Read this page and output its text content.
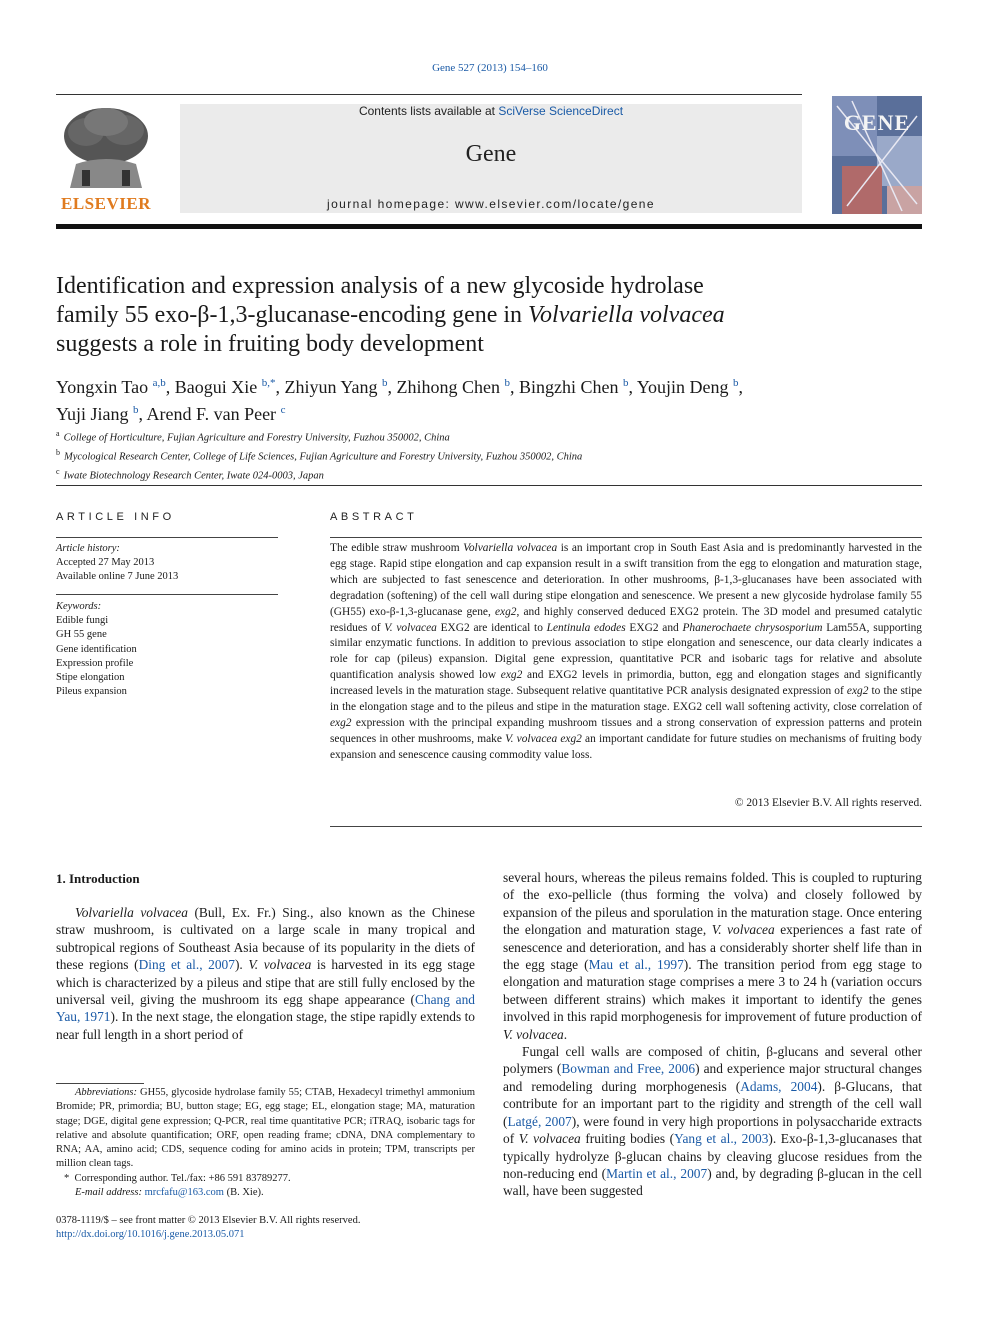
Gene 527 (2013) 154–160
ELSEVIER
Contents lists available at SciVerse ScienceDirect
Gene
journal homepage: www.elsevier.com/locate/gene
GENE
Identification and expression analysis of a new glycoside hydrolase
family 55 exo-β-1,3-glucanase-encoding gene in Volvariella volvacea
suggests a role in fruiting body development
Yongxin Tao $^{a,b}$, Baogui Xie $^{b,*}$, Zhiyun Yang $^b$, Zhihong Chen $^b$, Bingzhi Chen $^b$, Youjin Deng $^b$,
Yuji Jiang $^b$, Arend F. van Peer $^c$
$^a$ College of Horticulture, Fujian Agriculture and Forestry University, Fuzhou 350002, China
$^b$ Mycological Research Center, College of Life Sciences, Fujian Agriculture and Forestry University, Fuzhou 350002, China
$^c$ Iwate Biotechnology Research Center, Iwate 024-0003, Japan
ARTICLE INFO
Article history:
Accepted 27 May 2013
Available online 7 June 2013
Keywords:
Edible fungi
GH 55 gene
Gene identification
Expression profile
Stipe elongation
Pileus expansion
ABSTRACT
The edible straw mushroom Volvariella volvacea is an important crop in South East Asia and is predominantly harvested in the egg stage. Rapid stipe elongation and cap expansion result in a swift transition from the egg to elongation and maturation stage, which are subjected to fast senescence and deterioration. In other mushrooms, β-1,3-glucanases have been associated with degradation (softening) of the cell wall during stipe elongation and senescence. We present a new glycoside hydrolase family 55 (GH55) exo-β-1,3-glucanase gene, exg2, and highly conserved deduced EXG2 protein. The 3D model and presumed catalytic residues of V. volvacea EXG2 are identical to Lentinula edodes EXG2 and Phanerochaete chrysosporium Lam55A, supporting similar enzymatic functions. In addition to previous association to stipe elongation and senescence, our data clearly indicates a role for cap (pileus) expansion. Digital gene expression, quantitative PCR and isobaric tags for relative and absolute quantification analysis showed low exg2 and EXG2 levels in primordia, button, egg and elongation stages and significantly increased levels in the maturation stage. Subsequent relative quantitative PCR analysis designated expression of exg2 to the stipe in the elongation stage and to the pileus and stipe in the maturation stage. EXG2 cell wall softening activity, close correlation of exg2 expression with the principal expanding mushroom tissues and a strong conservation of expression patterns and protein sequences in other mushrooms, make V. volvacea exg2 an important candidate for future studies on mechanisms of fruiting body expansion and senescence causing commodity value loss.
© 2013 Elsevier B.V. All rights reserved.
1. Introduction

Volvariella volvacea (Bull, Ex. Fr.) Sing., also known as the Chinese straw mushroom, is cultivated on a large scale in many tropical and subtropical regions of Southeast Asia because of its popularity in the diets of these regions (Ding et al., 2007). V. volvacea is harvested in its egg stage which is characterized by a pileus and stipe that are still fully enclosed by the universal veil, giving the mushroom its egg shape appearance (Chang and Yau, 1971). In the next stage, the elongation stage, the stipe rapidly extends to near full length in a short period of

several hours, whereas the pileus remains folded. This is coupled to rupturing of the exo-pellicle (thus forming the volva) and closely followed by expansion of the pileus and sporulation in the maturation stage. Once entering the elongation and maturation stage, V. volvacea experiences a fast rate of senescence and deterioration, and has a considerably shorter shelf life than in the egg stage (Mau et al., 1997). The transition period from egg stage to elongation and maturation stage comprises a mere 3 to 24 h (variation occurs between different strains) which makes it important to identify the genes involved in this rapid morphogenesis for improvement of future production of V. volvacea.

Fungal cell walls are composed of chitin, β-glucans and several other polymers (Bowman and Free, 2006) and experience major structural changes and remodeling during morphogenesis (Adams, 2004). β-Glucans, that contribute for an important part to the rigidity and strength of the cell wall (Latgé, 2007), were found in very high proportions in polysaccharide extracts of V. volvacea fruiting bodies (Yang et al., 2003). Exo-β-1,3-glucanases that typically hydrolyze β-glucan chains by cleaving glucose residues from the non-reducing end (Martin et al., 2007) and, by degrading β-glucan in the cell wall, have been suggested

Abbreviations: GH55, glycoside hydrolase family 55; CTAB, Hexadecyl trimethyl ammonium Bromide; PR, primordia; BU, button stage; EG, egg stage; EL, elongation stage; MA, maturation stage; DGE, digital gene expression; Q-PCR, real time quantitative PCR; iTRAQ, isobaric tags for relative and absolute quantification; ORF, open reading frame; cDNA, DNA complementary to RNA; AA, amino acid; CDS, sequence coding for amino acids in protein; TPM, transcripts per million clean tags.

*  Corresponding author. Tel./fax: +86 591 83789277.

E-mail address: mrcfafu@163.com (B. Xie).

0378-1119/$ – see front matter © 2013 Elsevier B.V. All rights reserved.
http://dx.doi.org/10.1016/j.gene.2013.05.071
